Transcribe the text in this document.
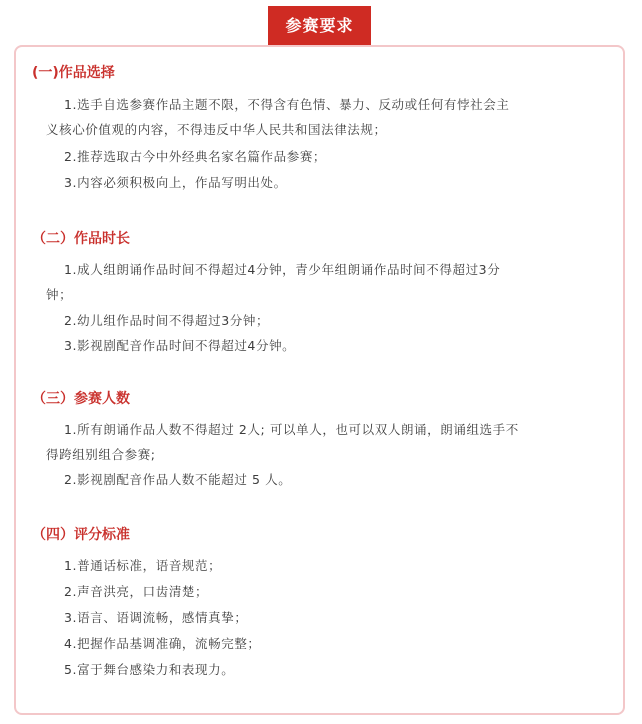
参赛要求
(一)作品选择
1.选手自选参赛作品主题不限，不得含有色情、暴力、反动或任何有悖社会主
义核心价值观的内容，不得违反中华人民共和国法律法规；
2.推荐选取古今中外经典名家名篇作品参赛；
3.内容必须积极向上，作品写明出处。
（二）作品时长
1.成人组朗诵作品时间不得超过4分钟，青少年组朗诵作品时间不得超过3分
钟；
2.幼儿组作品时间不得超过3分钟；
3.影视剧配音作品时间不得超过4分钟。
（三）参赛人数
1.所有朗诵作品人数不得超过 2人; 可以单人，也可以双人朗诵，朗诵组选手不
得跨组别组合参赛;
2.影视剧配音作品人数不能超过 5 人。
（四）评分标准
1.普通话标准，语音规范；
2.声音洪亮，口齿清楚；
3.语言、语调流畅，感情真挚；
4.把握作品基调准确，流畅完整；
5.富于舞台感染力和表现力。
